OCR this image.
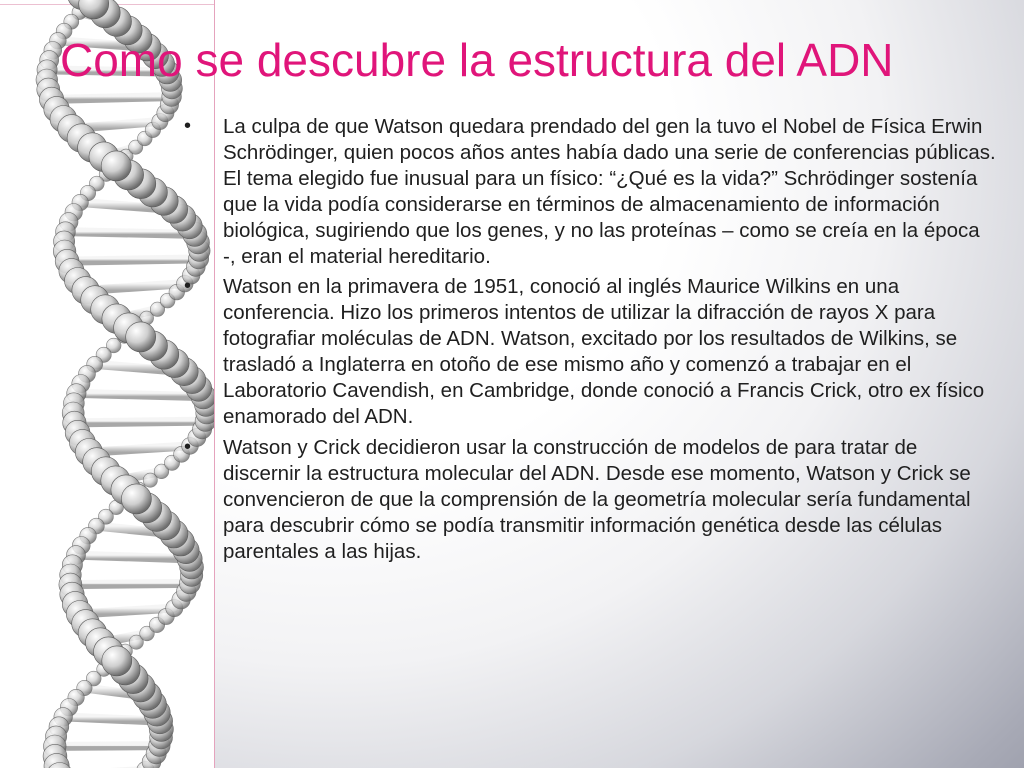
Como se descubre la estructura del ADN
• La culpa de que Watson quedara prendado del gen la tuvo el Nobel de Física Erwin Schrödinger, quien pocos años antes había dado una serie de conferencias públicas. El tema elegido fue inusual para un físico: “¿Qué es la vida?” Schrödinger sostenía que la vida podía considerarse en términos de almacenamiento de información biológica, sugiriendo que los genes, y no las proteínas – como se creía en la época -, eran el material hereditario.
• Watson en la primavera de 1951, conoció al inglés Maurice Wilkins en una conferencia. Hizo los primeros intentos de utilizar la difracción de rayos X para fotografiar moléculas de ADN. Watson, excitado por los resultados de Wilkins, se trasladó a Inglaterra en otoño de ese mismo año y comenzó a trabajar en el Laboratorio Cavendish, en Cambridge, donde conoció a Francis Crick, otro ex físico enamorado del ADN.
• Watson y Crick decidieron usar la construcción de modelos de para tratar de discernir la estructura molecular del ADN. Desde ese momento, Watson y Crick se convencieron de que la comprensión de la geometría molecular sería fundamental para descubrir cómo se podía transmitir información genética desde las células parentales a las hijas.
